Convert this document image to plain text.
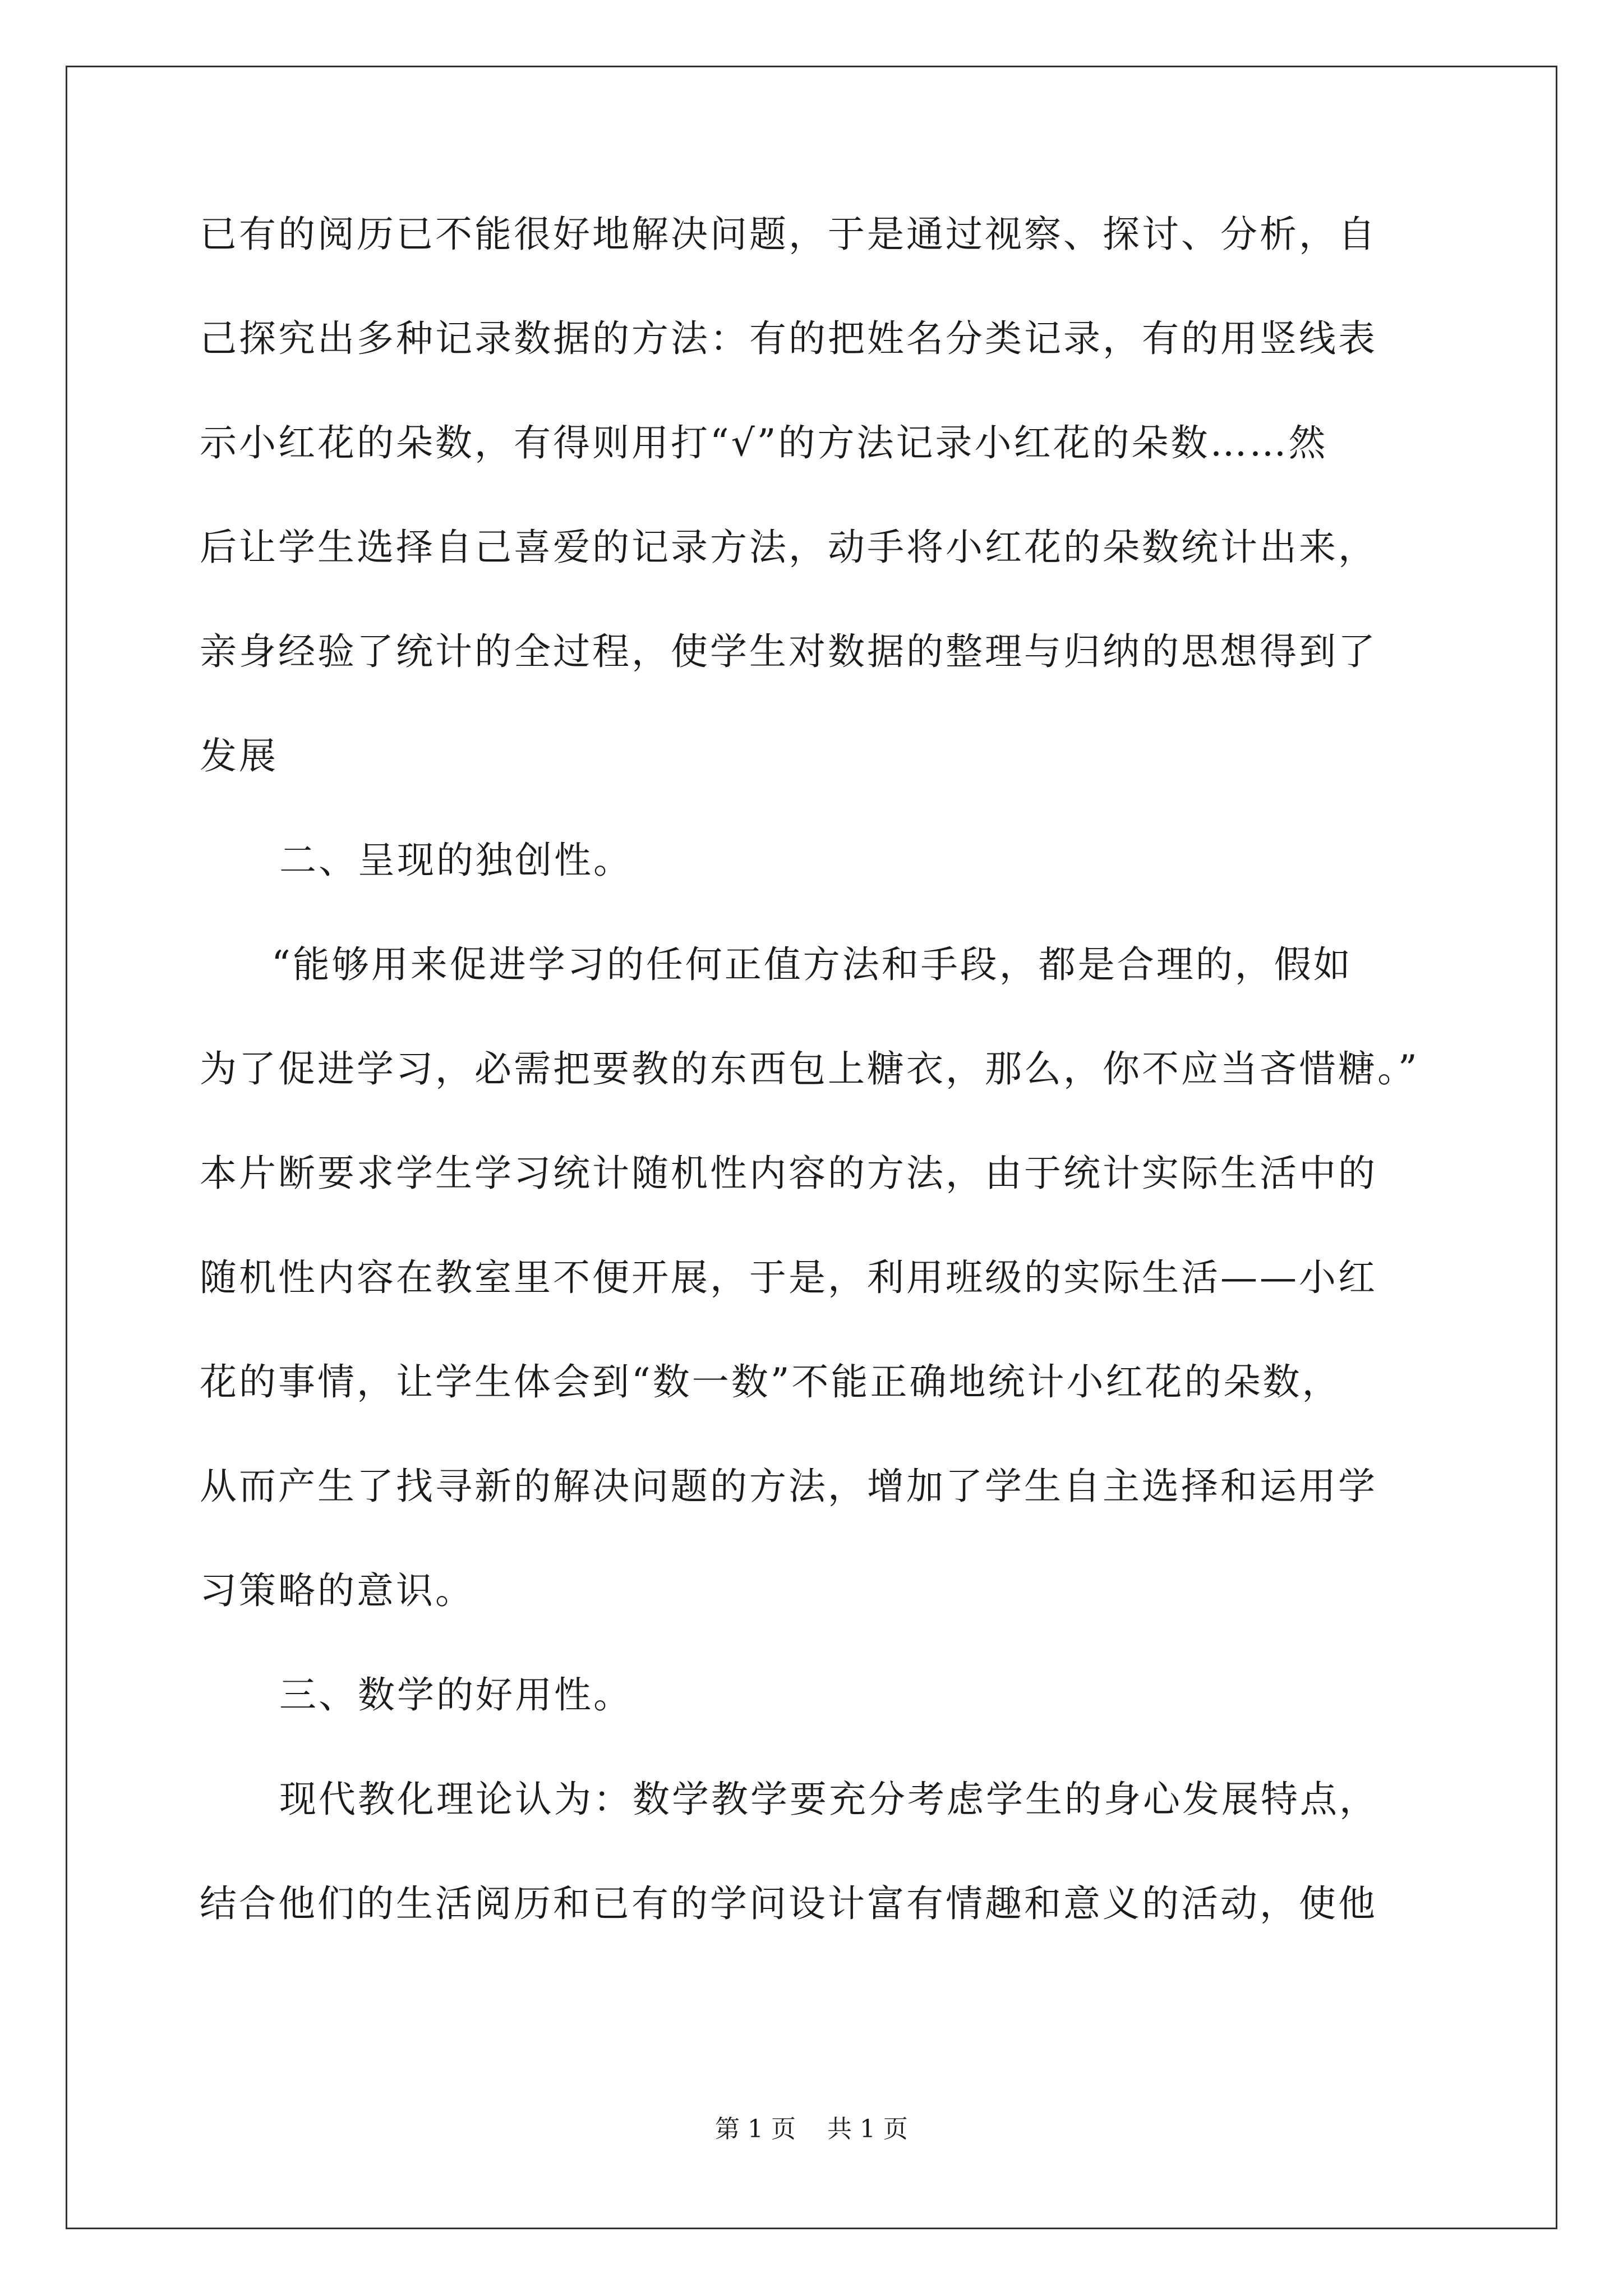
已有的阅历已不能很好地解决问题，于是通过视察、探讨、分析，自
己探究出多种记录数据的方法：有的把姓名分类记录，有的用竖线表
示小红花的朵数，有得则用打“√”的方法记录小红花的朵数……然
后让学生选择自己喜爱的记录方法，动手将小红花的朵数统计出来，
亲身经验了统计的全过程，使学生对数据的整理与归纳的思想得到了
发展
二、呈现的独创性。
“能够用来促进学习的任何正值方法和手段，都是合理的，假如
为了促进学习，必需把要教的东西包上糖衣，那么，你不应当吝惜糖。”
本片断要求学生学习统计随机性内容的方法，由于统计实际生活中的
随机性内容在教室里不便开展，于是，利用班级的实际生活——小红
花的事情，让学生体会到“数一数”不能正确地统计小红花的朵数，
从而产生了找寻新的解决问题的方法，增加了学生自主选择和运用学
习策略的意识。
三、数学的好用性。
现代教化理论认为：数学教学要充分考虑学生的身心发展特点，
结合他们的生活阅历和已有的学问设计富有情趣和意义的活动，使他
第 1 页 共 1 页
